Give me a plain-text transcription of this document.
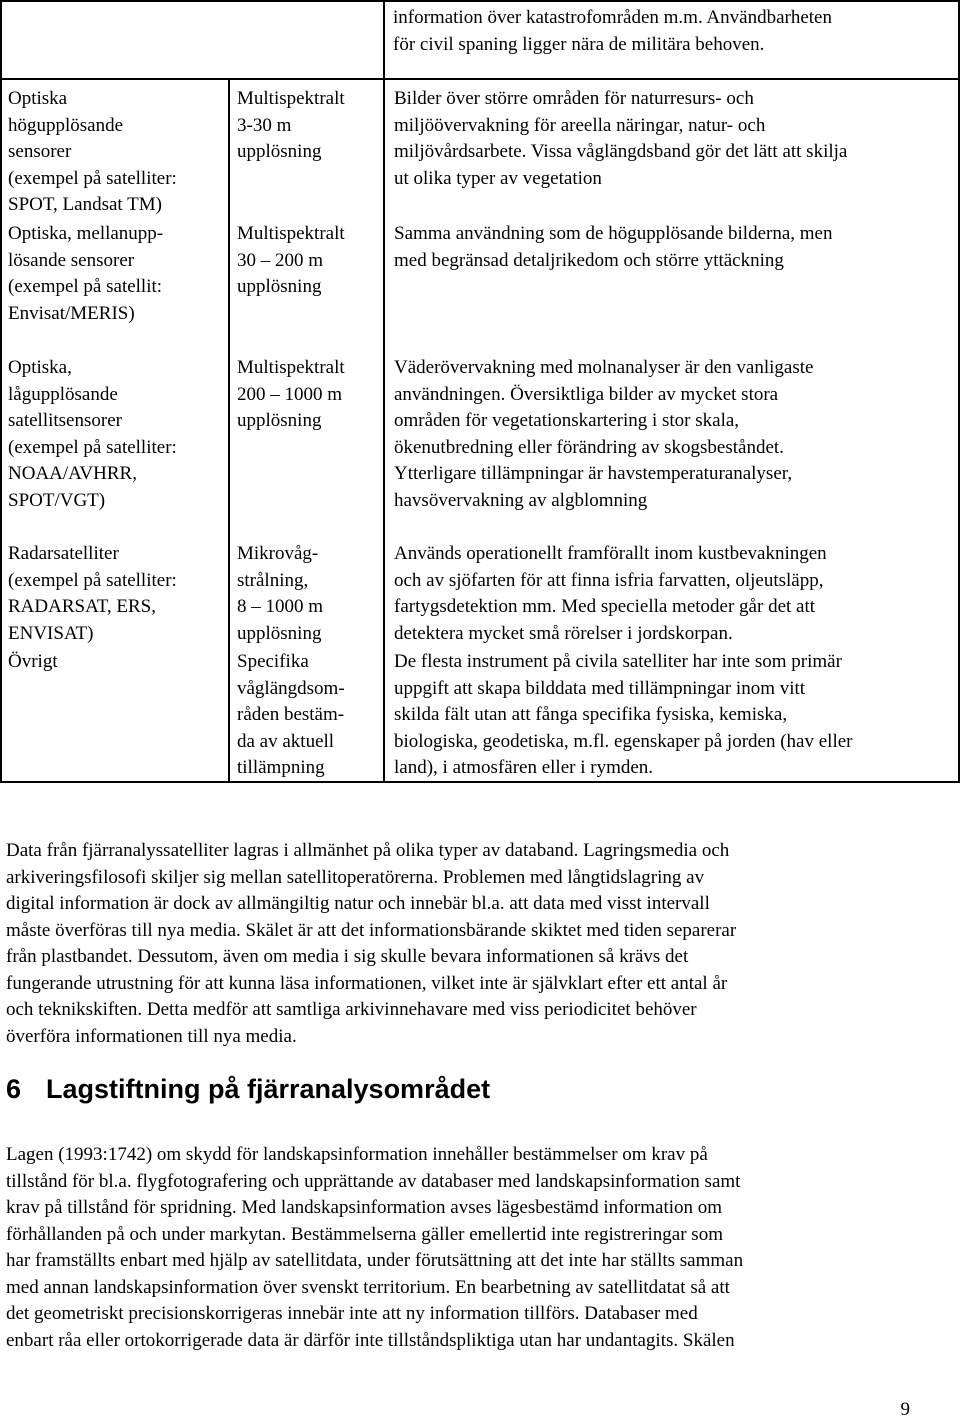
information över katastrofområden m.m. Användbarheten
för civil spaning ligger nära de militära behoven.
Optiska
högupplösande
sensorer
(exempel på satelliter:
SPOT, Landsat TM)
Multispektralt
3-30 m
upplösning
Bilder över större områden för naturresurs- och
miljöövervakning för areella näringar, natur- och
miljövårdsarbete. Vissa våglängdsband gör det lätt att skilja
ut olika typer av vegetation
Optiska, mellanupp-
lösande sensorer
(exempel på satellit:
Envisat/MERIS)
Multispektralt
30 – 200 m
upplösning
Samma användning som de högupplösande bilderna, men
med begränsad detaljrikedom och större yttäckning
Optiska,
lågupplösande
satellitsensorer
(exempel på satelliter:
NOAA/AVHRR,
SPOT/VGT)
Multispektralt
200 – 1000 m
upplösning
Väderövervakning med molnanalyser är den vanligaste
användningen. Översiktliga bilder av mycket stora
områden för vegetationskartering i stor skala,
ökenutbredning eller förändring av skogsbeståndet.
Ytterligare tillämpningar är havstemperaturanalyser,
havsövervakning av algblomning
Radarsatelliter
(exempel på satelliter:
RADARSAT, ERS,
ENVISAT)
Mikrovåg-
strålning,
8 – 1000 m
upplösning
Används operationellt framförallt inom kustbevakningen
och av sjöfarten för att finna isfria farvatten, oljeutsläpp,
fartygsdetektion mm. Med speciella metoder går det att
detektera mycket små rörelser i jordskorpan.
Övrigt	Specifika
våglängdsom-
råden bestäm-
da av aktuell
tillämpning
De flesta instrument på civila satelliter har inte som primär
uppgift att skapa bilddata med tillämpningar inom vitt
skilda fält utan att fånga specifika fysiska, kemiska,
biologiska, geodetiska, m.fl. egenskaper på jorden (hav eller
land), i atmosfären eller i rymden.
Data från fjärranalyssatelliter lagras i allmänhet på olika typer av databand. Lagringsmedia och
arkiveringsfilosofi skiljer sig mellan satellitoperatörerna. Problemen med långtidslagring av
digital information är dock av allmängiltig natur och innebär bl.a. att data med visst intervall
måste överföras till nya media. Skälet är att det informationsbärande skiktet med tiden separerar
från plastbandet. Dessutom, även om media i sig skulle bevara informationen så krävs det
fungerande utrustning för att kunna läsa informationen, vilket inte är självklart efter ett antal år
och teknikskiften. Detta medför att samtliga arkivinnehavare med viss periodicitet behöver
överföra informationen till nya media.
6 Lagstiftning på fjärranalysområdet
Lagen (1993:1742) om skydd för landskapsinformation innehåller bestämmelser om krav på
tillstånd för bl.a. flygfotografering och upprättande av databaser med landskapsinformation samt
krav på tillstånd för spridning. Med landskapsinformation avses lägesbestämd information om
förhållanden på och under markytan. Bestämmelserna gäller emellertid inte registreringar som
har framställts enbart med hjälp av satellitdata, under förutsättning att det inte har ställts samman
med annan landskapsinformation över svenskt territorium. En bearbetning av satellitdatat så att
det geometriskt precisionskorrigeras innebär inte att ny information tillförs. Databaser med
enbart råa eller ortokorrigerade data är därför inte tillståndspliktiga utan har undantagits. Skälen
9
